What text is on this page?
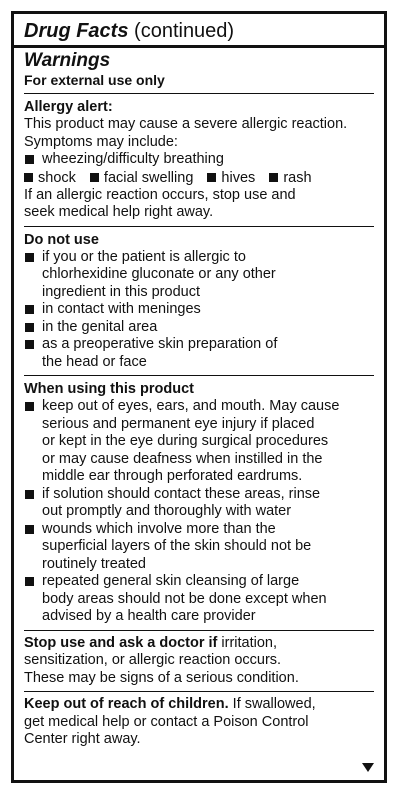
Drug Facts (continued)

Warnings

For external use only

Allergy alert:

This product may cause a severe allergic reaction.

Symptoms may include:

wheezing/difficulty breathing

shock facial swelling hives rash

If an allergic reaction occurs, stop use and

seek medical help right away.

Do not use

if you or the patient is allergic to

chlorhexidine gluconate or any other

ingredient in this product

in contact with meninges

in the genital area

as a preoperative skin preparation of

the head or face

When using this product

keep out of eyes, ears, and mouth. May cause

serious and permanent eye injury if placed

or kept in the eye during surgical procedures

or may cause deafness when instilled in the

middle ear through perforated eardrums.

if solution should contact these areas, rinse

out promptly and thoroughly with water

wounds which involve more than the

superficial layers of the skin should not be

routinely treated

repeated general skin cleansing of large

body areas should not be done except when

advised by a health care provider

Stop use and ask a doctor if irritation,

sensitization, or allergic reaction occurs.

These may be signs of a serious condition.

Keep out of reach of children. If swallowed,

get medical help or contact a Poison Control

Center right away.
